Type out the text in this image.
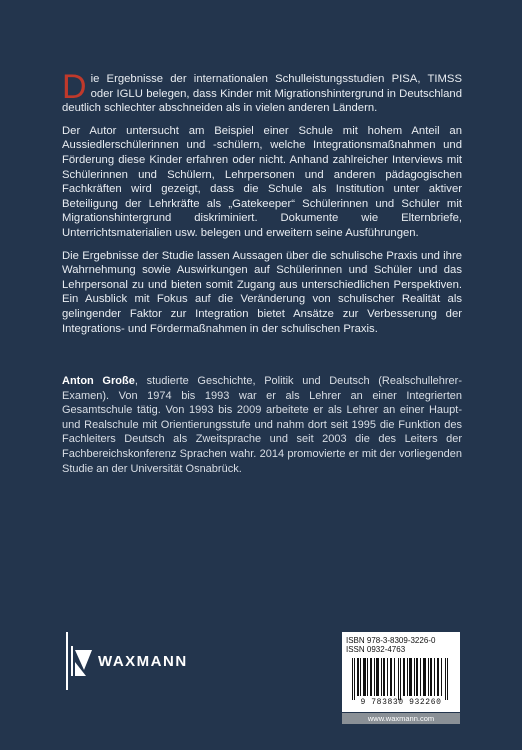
Die Ergebnisse der internationalen Schulleistungsstudien PISA, TIMSS oder IGLU belegen, dass Kinder mit Migrationshintergrund in Deutschland deutlich schlechter abschneiden als in vielen anderen Ländern.

Der Autor untersucht am Beispiel einer Schule mit hohem Anteil an Aussiedlerschülerinnen und -schülern, welche Integrationsmaßnahmen und Förderung diese Kinder erfahren oder nicht. Anhand zahlreicher Interviews mit Schülerinnen und Schülern, Lehrpersonen und anderen pädagogischen Fachkräften wird gezeigt, dass die Schule als Institution unter aktiver Beteiligung der Lehrkräfte als „Gatekeeper“ Schülerinnen und Schüler mit Migrationshintergrund diskriminiert. Dokumente wie Elternbriefe, Unterrichtsmaterialien usw. belegen und erweitern seine Ausführungen.

Die Ergebnisse der Studie lassen Aussagen über die schulische Praxis und ihre Wahrnehmung sowie Auswirkungen auf Schülerinnen und Schüler und das Lehrpersonal zu und bieten somit Zugang aus unterschiedlichen Perspektiven. Ein Ausblick mit Fokus auf die Veränderung von schulischer Realität als gelingender Faktor zur Integration bietet Ansätze zur Verbesserung der Integrations- und Fördermaßnahmen in der schulischen Praxis.

Anton Große, studierte Geschichte, Politik und Deutsch (Realschullehrer-Examen). Von 1974 bis 1993 war er als Lehrer an einer Integrierten Gesamtschule tätig. Von 1993 bis 2009 arbeitete er als Lehrer an einer Haupt- und Realschule mit Orientierungsstufe und nahm dort seit 1995 die Funktion des Fachleiters Deutsch als Zweitsprache und seit 2003 die des Leiters der Fachbereichskonferenz Sprachen wahr. 2014 promovierte er mit der vorliegenden Studie an der Universität Osnabrück.
WAXMANN
ISBN 978-3-8309-3226-0
ISSN 0932-4763
9 783830 932260
www.waxmann.com
